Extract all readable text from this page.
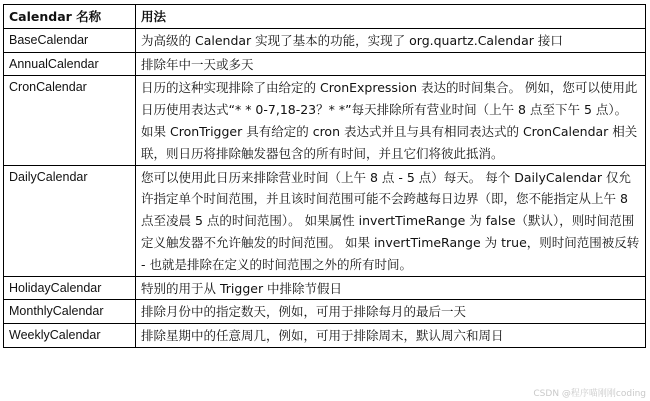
Calendar 名称	用法
BaseCalendar	为高级的 Calendar 实现了基本的功能，实现了 org.quartz.Calendar 接口
AnnualCalendar	排除年中一天或多天
CronCalendar	日历的这种实现排除了由给定的 CronExpression 表达的时间集合。 例如，您可以使用此日历使用表达式“* * 0-7,18-23？* *”每天排除所有营业时间（上午 8 点至下午 5 点）。 如果 CronTrigger 具有给定的 cron 表达式并且与具有相同表达式的 CronCalendar 相关联，则日历将排除触发器包含的所有时间，并且它们将彼此抵消。
DailyCalendar	您可以使用此日历来排除营业时间（上午 8 点 - 5 点）每天。 每个 DailyCalendar 仅允许指定单个时间范围，并且该时间范围可能不会跨越每日边界（即，您不能指定从上午 8 点至凌晨 5 点的时间范围）。 如果属性 invertTimeRange 为 false（默认），则时间范围定义触发器不允许触发的时间范围。 如果 invertTimeRange 为 true，则时间范围被反转 - 也就是排除在定义的时间范围之外的所有时间。
HolidayCalendar	特别的用于从 Trigger 中排除节假日
MonthlyCalendar	排除月份中的指定数天，例如，可用于排除每月的最后一天
WeeklyCalendar	排除星期中的任意周几，例如，可用于排除周末，默认周六和周日
CSDN @程序喵刚刚coding
